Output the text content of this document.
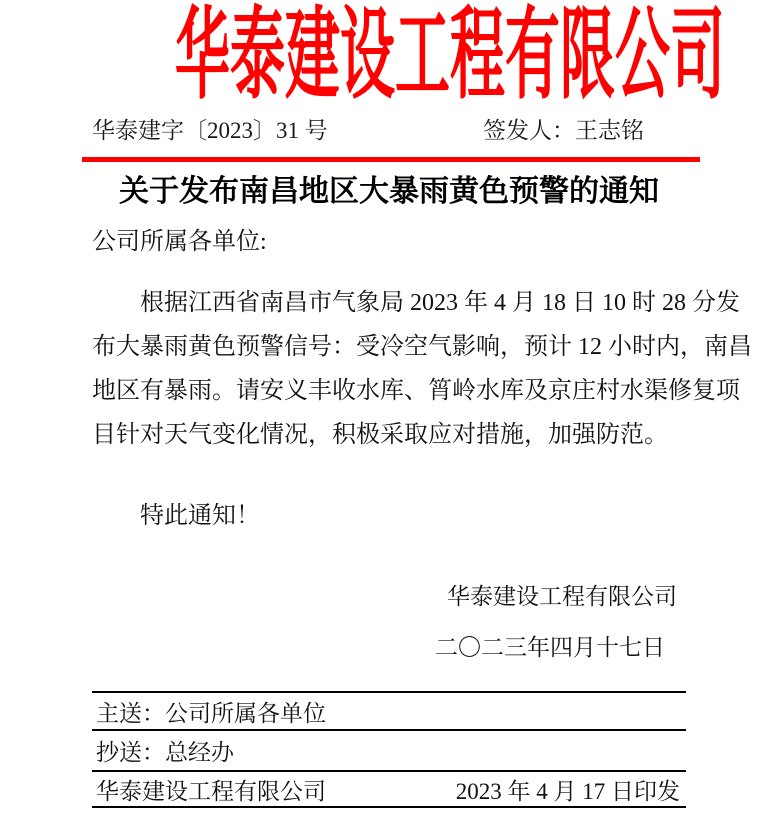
华泰建设工程有限公司
华泰建字〔2023〕31 号	签发人：王志铭
关于发布南昌地区大暴雨黄色预警的通知
公司所属各单位:
根据江西省南昌市气象局 2023 年 4 月 18 日 10 时 28 分发
布大暴雨黄色预警信号：受冷空气影响，预计 12 小时内，南昌
地区有暴雨。请安义丰收水库、筲岭水库及京庄村水渠修复项
目针对天气变化情况，积极采取应对措施，加强防范。
特此通知！
华泰建设工程有限公司
二〇二三年四月十七日
主送：公司所属各单位
抄送：总经办
华泰建设工程有限公司	2023 年 4 月 17 日印发
